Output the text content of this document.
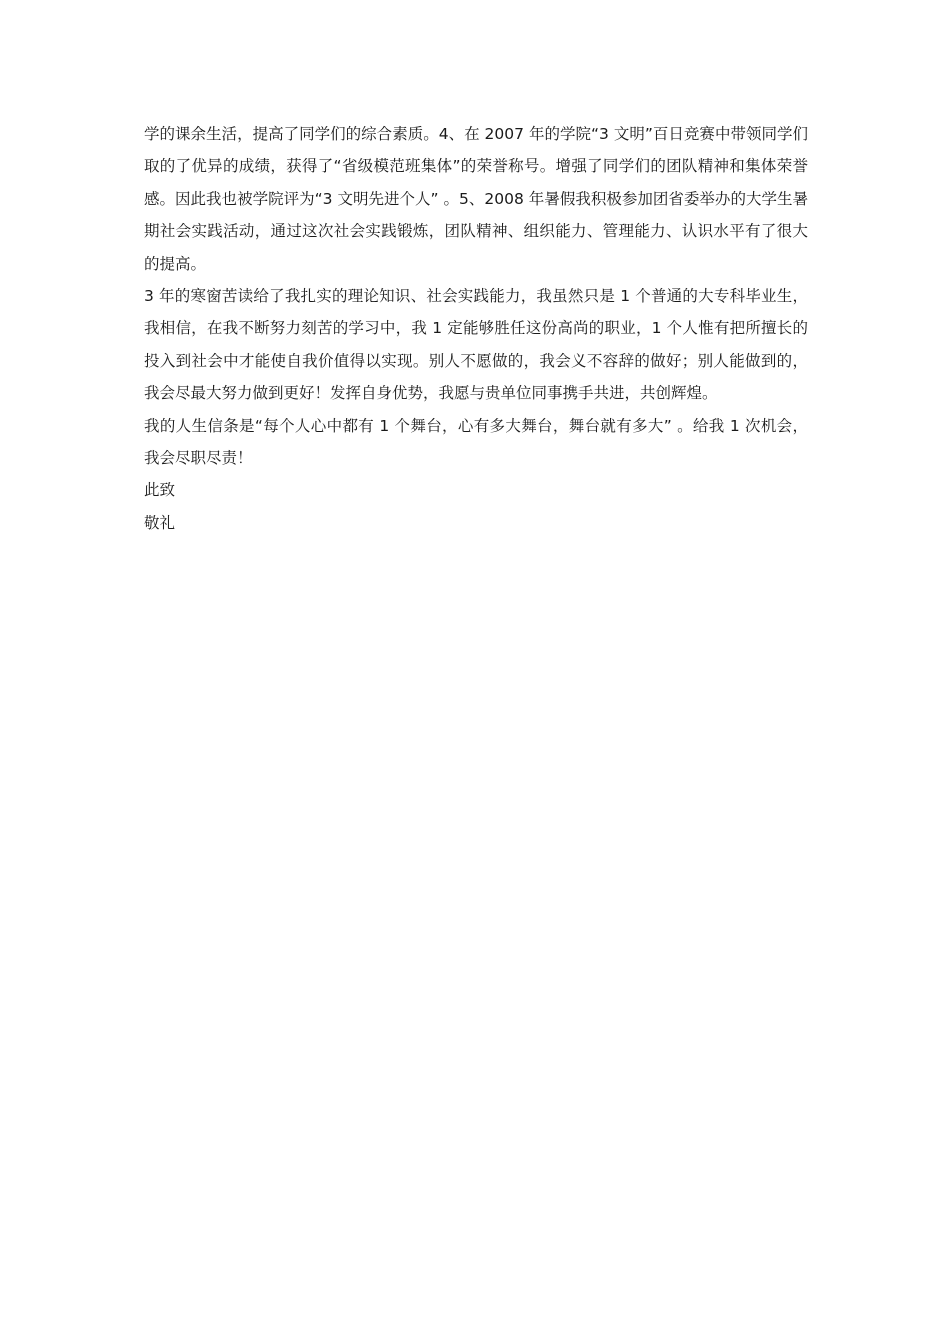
学的课余生活，提高了同学们的综合素质。4、在 2007 年的学院“3 文明”百日竞赛中带领同学们取的了优异的成绩，获得了“省级模范班集体”的荣誉称号。增强了同学们的团队精神和集体荣誉感。因此我也被学院评为“3 文明先进个人” 。5、2008 年暑假我积极参加团省委举办的大学生暑期社会实践活动，通过这次社会实践锻炼，团队精神、组织能力、管理能力、认识水平有了很大的提高。

3 年的寒窗苦读给了我扎实的理论知识、社会实践能力，我虽然只是 1 个普通的大专科毕业生，我相信，在我不断努力刻苦的学习中，我 1 定能够胜任这份高尚的职业，1 个人惟有把所擅长的投入到社会中才能使自我价值得以实现。别人不愿做的，我会义不容辞的做好；别人能做到的，我会尽最大努力做到更好！发挥自身优势，我愿与贵单位同事携手共进，共创辉煌。

我的人生信条是“每个人心中都有 1 个舞台，心有多大舞台，舞台就有多大” 。给我 1 次机会，我会尽职尽责！

此致

敬礼
